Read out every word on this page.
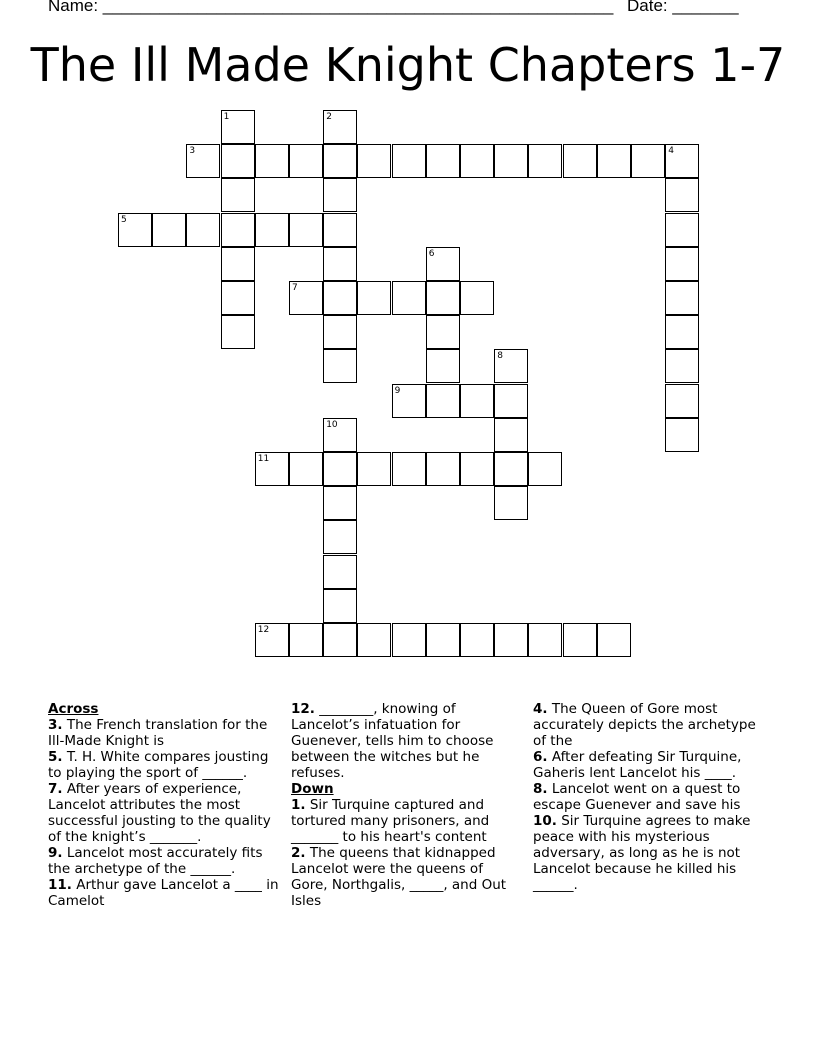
Name: ______________________________________________________ Date: _______
The Ill Made Knight Chapters 1-7
1	2
3	4
5
6
7
8
9
10
11
12

Across

3. The French translation for the Ill-Made Knight is

5. T. H. White compares jousting to playing the sport of ______.

7. After years of experience, Lancelot attributes the most successful jousting to the quality of the knight’s _______.

9. Lancelot most accurately fits the archetype of the ______.

11. Arthur gave Lancelot a ____ in Camelot

12. ________, knowing of Lancelot’s infatuation for Guenever, tells him to choose between the witches but he refuses.

Down

1. Sir Turquine captured and tortured many prisoners, and _______ to his heart's content

2. The queens that kidnapped Lancelot were the queens of Gore, Northgalis, _____, and Out Isles

4. The Queen of Gore most accurately depicts the archetype of the

6. After defeating Sir Turquine, Gaheris lent Lancelot his ____.

8. Lancelot went on a quest to escape Guenever and save his

10. Sir Turquine agrees to make peace with his mysterious adversary, as long as he is not Lancelot because he killed his ______.
